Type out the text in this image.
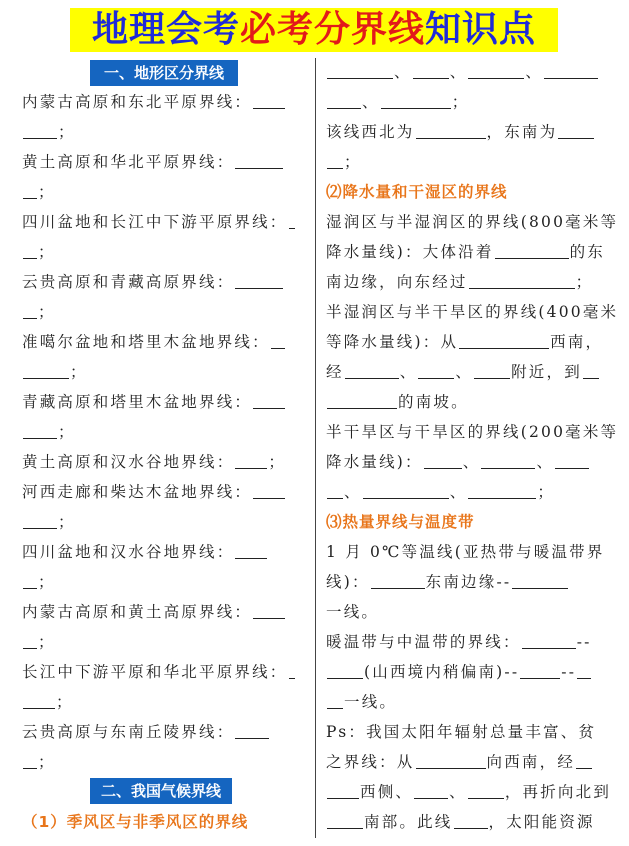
地理会考必考分界线知识点
一、地形区分界线
内蒙古高原和东北平原界线：
；
黄土高原和华北平原界线：
；
四川盆地和长江中下游平原界线：
；
云贵高原和青藏高原界线：
；
准噶尔盆地和塔里木盆地界线：
；
青藏高原和塔里木盆地界线：
；
黄土高原和汉水谷地界线： ；
河西走廊和柴达木盆地界线：
；
四川盆地和汉水谷地界线：
；
内蒙古高原和黄土高原界线：
；
长江中下游平原和华北平原界线：
；
云贵高原与东南丘陵界线：
；
二、我国气候界线
（1）季风区与非季风区的界线
、 、	、
、	；
该线西北为	，东南为
；
⑵降水量和干湿区的界线
湿润区与半湿润区的界线(800毫米等
降水量线)：大体沿着	的东
南边缘，向东经过	；
半湿润区与半干旱区的界线(400毫米
等降水量线)：从	西南，
经	、 、 附近，到
的南坡。
半干旱区与干旱区的界线(200毫米等
降水量线)：	、	、
、	、	；
⑶热量界线与温度带
1 月 0℃等温线(亚热带与暖温带界
线)：	东南边缘--
一线。
暖温带与中温带的界线：	--
(山西境内稍偏南)--	--
一线。
Ps：我国太阳年辐射总量丰富、贫
之界线：从	向西南，经
西侧、 、 ，再折向北到
南部。此线 ，太阳能资源
